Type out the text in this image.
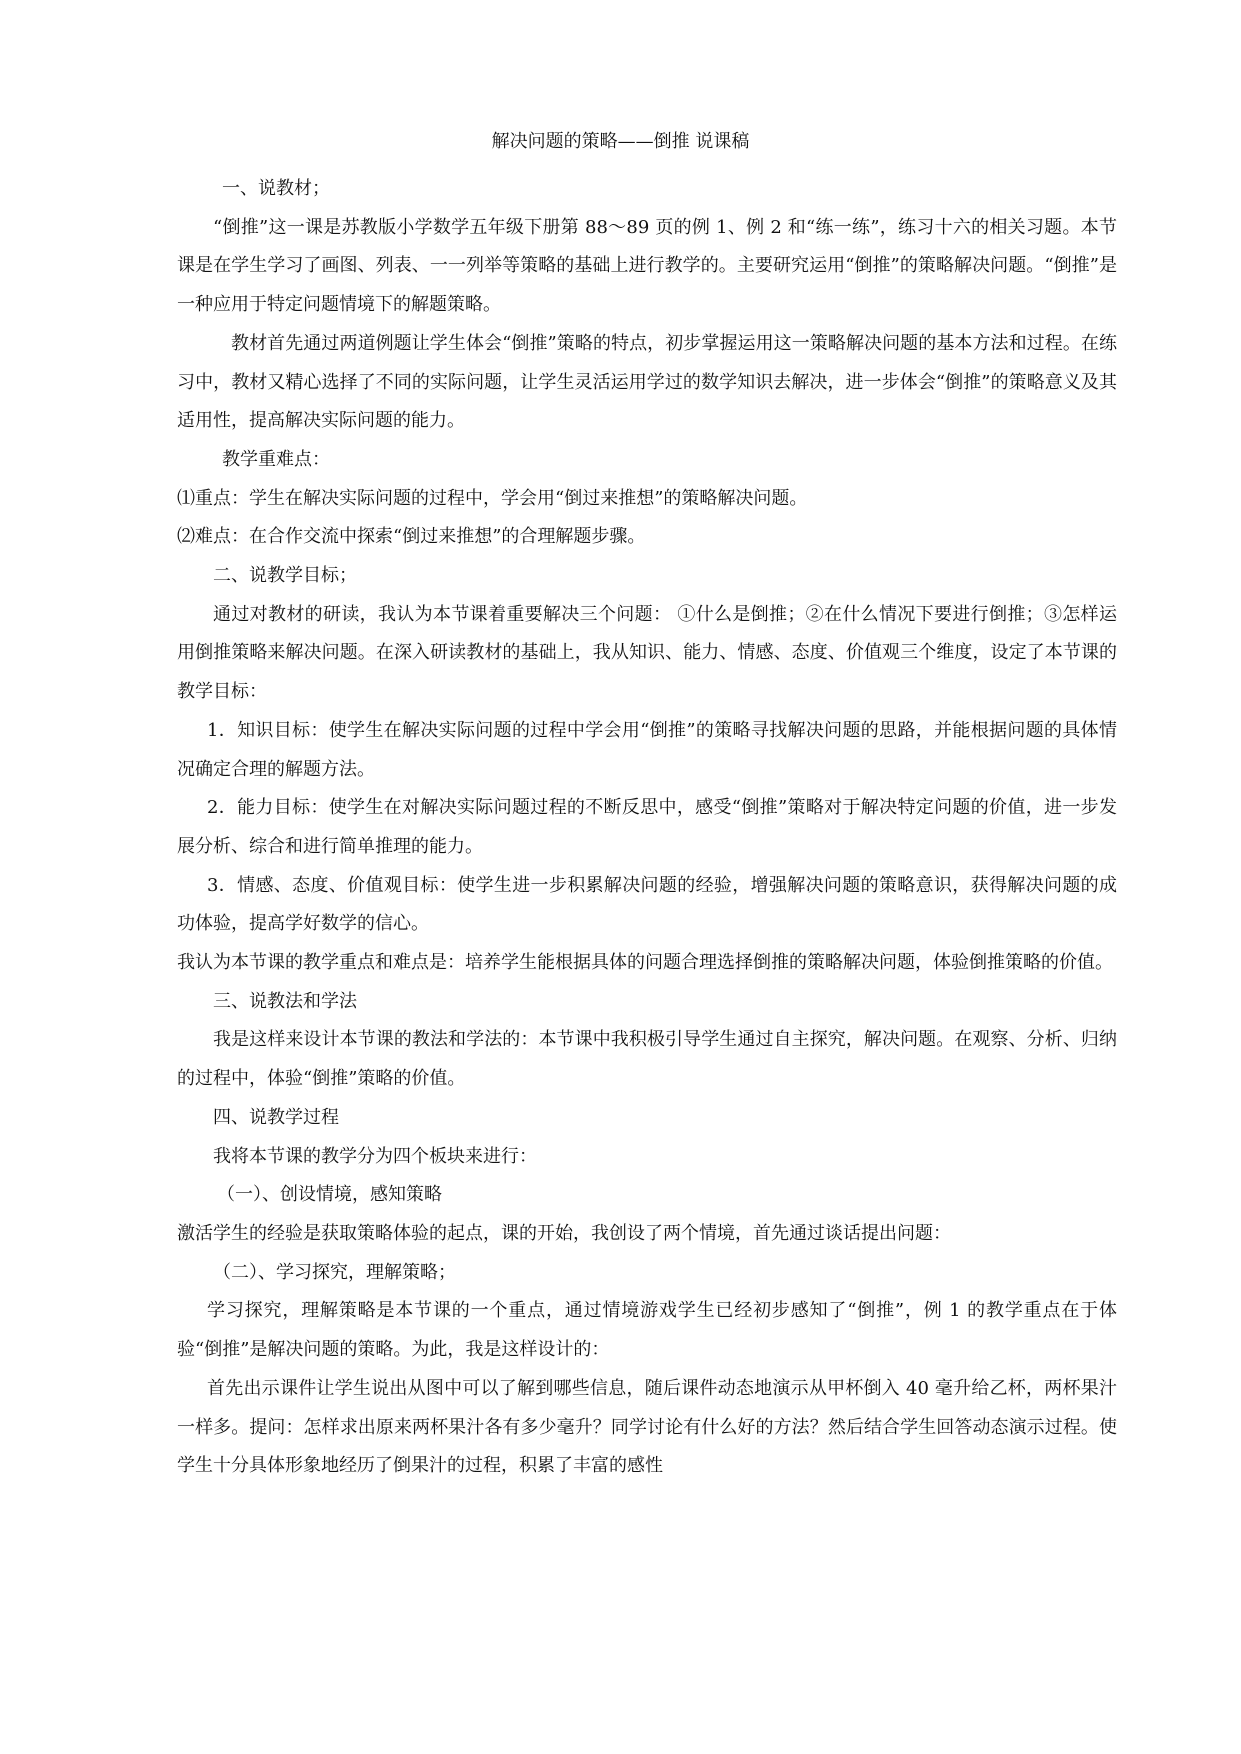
解决问题的策略——倒推 说课稿

一、说教材；

“倒推”这一课是苏教版小学数学五年级下册第 88～89 页的例 1、例 2 和“练一练”，练习十六的相关习题。本节课是在学生学习了画图、列表、一一列举等策略的基础上进行教学的。主要研究运用“倒推”的策略解决问题。“倒推”是一种应用于特定问题情境下的解题策略。

教材首先通过两道例题让学生体会“倒推”策略的特点，初步掌握运用这一策略解决问题的基本方法和过程。在练习中，教材又精心选择了不同的实际问题，让学生灵活运用学过的数学知识去解决，进一步体会“倒推”的策略意义及其适用性，提高解决实际问题的能力。

教学重难点：

⑴重点：学生在解决实际问题的过程中，学会用“倒过来推想”的策略解决问题。

⑵难点：在合作交流中探索“倒过来推想”的合理解题步骤。

二、说教学目标；

通过对教材的研读，我认为本节课着重要解决三个问题： ①什么是倒推；②在什么情况下要进行倒推；③怎样运用倒推策略来解决问题。在深入研读教材的基础上，我从知识、能力、情感、态度、价值观三个维度，设定了本节课的教学目标：

1．知识目标：使学生在解决实际问题的过程中学会用“倒推”的策略寻找解决问题的思路，并能根据问题的具体情况确定合理的解题方法。

2．能力目标：使学生在对解决实际问题过程的不断反思中，感受“倒推”策略对于解决特定问题的价值，进一步发展分析、综合和进行简单推理的能力。

3．情感、态度、价值观目标：使学生进一步积累解决问题的经验，增强解决问题的策略意识，获得解决问题的成功体验，提高学好数学的信心。

我认为本节课的教学重点和难点是：培养学生能根据具体的问题合理选择倒推的策略解决问题，体验倒推策略的价值。

三、说教法和学法

我是这样来设计本节课的教法和学法的：本节课中我积极引导学生通过自主探究，解决问题。在观察、分析、归纳的过程中，体验“倒推”策略的价值。

四、说教学过程

我将本节课的教学分为四个板块来进行：

（一）、创设情境，感知策略

激活学生的经验是获取策略体验的起点，课的开始，我创设了两个情境，首先通过谈话提出问题：

（二）、学习探究，理解策略；

学习探究，理解策略是本节课的一个重点，通过情境游戏学生已经初步感知了“倒推”，例 1 的教学重点在于体验“倒推”是解决问题的策略。为此，我是这样设计的：

首先出示课件让学生说出从图中可以了解到哪些信息，随后课件动态地演示从甲杯倒入 40 毫升给乙杯，两杯果汁一样多。提问：怎样求出原来两杯果汁各有多少毫升？同学讨论有什么好的方法？然后结合学生回答动态演示过程。使学生十分具体形象地经历了倒果汁的过程，积累了丰富的感性
